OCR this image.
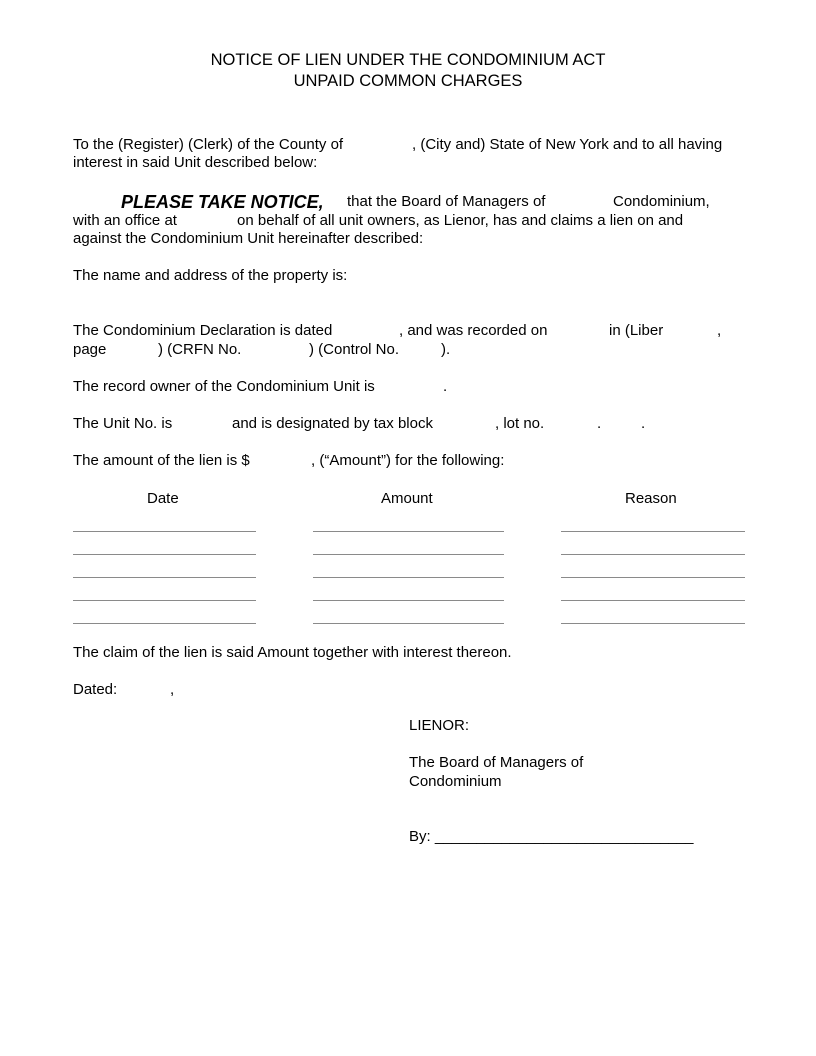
NOTICE OF LIEN UNDER THE CONDOMINIUM ACT
UNPAID COMMON CHARGES
To the (Register) (Clerk) of the County of	, (City and) State of New York and to all having
interest in said Unit described below:
PLEASE TAKE NOTICE, that the Board of Managers of	Condominium,
with an office at	on behalf of all unit owners, as Lienor, has and claims a lien on and
against the Condominium Unit hereinafter described:
The name and address of the property is:
The Condominium Declaration is dated	, and was recorded on	in (Liber	,
page	) (CRFN No.	) (Control No.	).
The record owner of the Condominium Unit is	.
The Unit No. is	and is designated by tax block	, lot no.	.	.
The amount of the lien is $	, (“Amount”) for the following:
Date	Amount	Reason
The claim of the lien is said Amount together with interest thereon.
Dated:	,
LIENOR:
The Board of Managers of
Condominium
By: _______________________________
